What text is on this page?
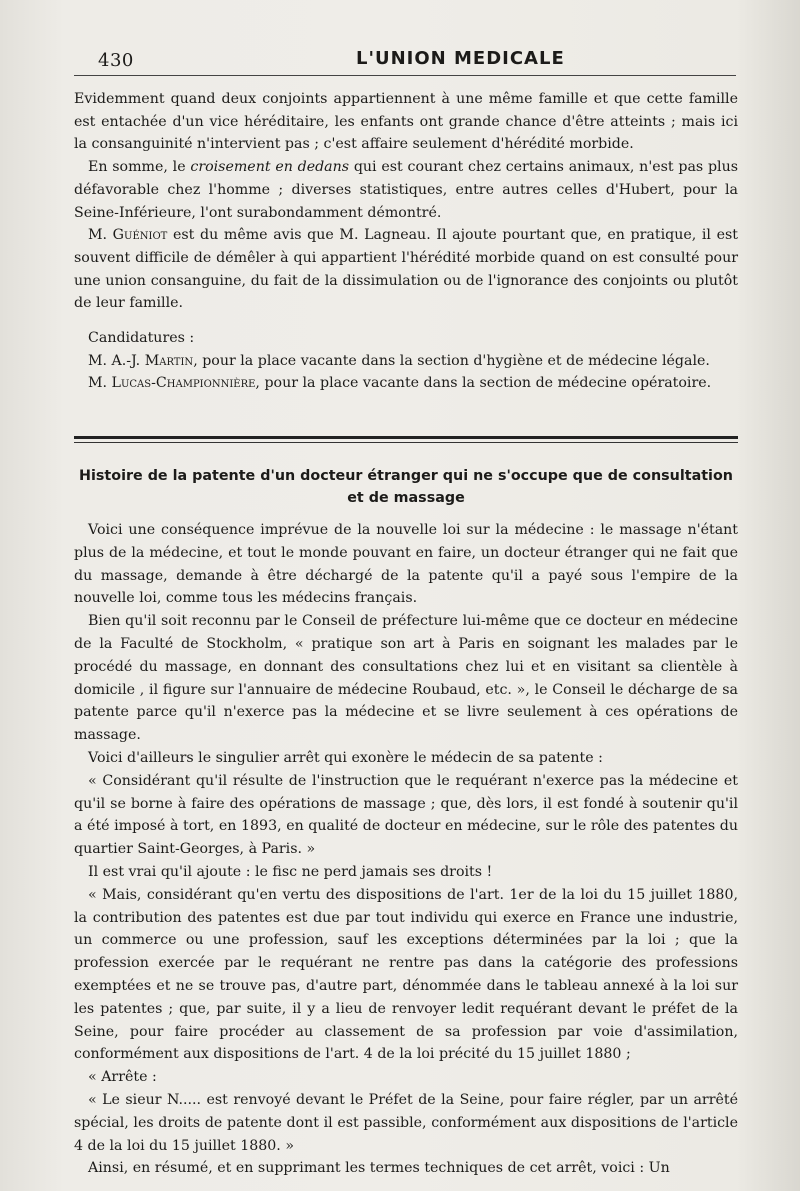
430	L'UNION MEDICALE

Evidemment quand deux conjoints appartiennent à une même famille et que cette famille est entachée d'un vice héréditaire, les enfants ont grande chance d'être atteints ; mais ici la consanguinité n'intervient pas ; c'est affaire seulement d'hérédité morbide.

En somme, le croisement en dedans qui est courant chez certains animaux, n'est pas plus défavorable chez l'homme ; diverses statistiques, entre autres celles d'Hubert, pour la Seine-Inférieure, l'ont surabondamment démontré.

M. Guéniot est du même avis que M. Lagneau. Il ajoute pourtant que, en pratique, il est souvent difficile de démêler à qui appartient l'hérédité morbide quand on est consulté pour une union consanguine, du fait de la dissimulation ou de l'ignorance des conjoints ou plutôt de leur famille.

Candidatures :

M. A.-J. Martin, pour la place vacante dans la section d'hygiène et de médecine légale.

M. Lucas-Championnière, pour la place vacante dans la section de médecine opératoire.

Histoire de la patente d'un docteur étranger qui ne s'occupe que de consultation et de massage

Voici une conséquence imprévue de la nouvelle loi sur la médecine : le massage n'étant plus de la médecine, et tout le monde pouvant en faire, un docteur étranger qui ne fait que du massage, demande à être déchargé de la patente qu'il a payé sous l'empire de la nouvelle loi, comme tous les médecins français.

Bien qu'il soit reconnu par le Conseil de préfecture lui-même que ce docteur en médecine de la Faculté de Stockholm, « pratique son art à Paris en soignant les malades par le procédé du massage, en donnant des consultations chez lui et en visitant sa clientèle à domicile , il figure sur l'annuaire de médecine Roubaud, etc. », le Conseil le décharge de sa patente parce qu'il n'exerce pas la médecine et se livre seulement à ces opérations de massage.

Voici d'ailleurs le singulier arrêt qui exonère le médecin de sa patente :

« Considérant qu'il résulte de l'instruction que le requérant n'exerce pas la médecine et qu'il se borne à faire des opérations de massage ; que, dès lors, il est fondé à soutenir qu'il a été imposé à tort, en 1893, en qualité de docteur en médecine, sur le rôle des patentes du quartier Saint-Georges, à Paris. »

Il est vrai qu'il ajoute : le fisc ne perd jamais ses droits !

« Mais, considérant qu'en vertu des dispositions de l'art. 1er de la loi du 15 juillet 1880, la contribution des patentes est due par tout individu qui exerce en France une industrie, un commerce ou une profession, sauf les exceptions déterminées par la loi ; que la profession exercée par le requérant ne rentre pas dans la catégorie des professions exemptées et ne se trouve pas, d'autre part, dénommée dans le tableau annexé à la loi sur les patentes ; que, par suite, il y a lieu de renvoyer ledit requérant devant le préfet de la Seine, pour faire procéder au classement de sa profession par voie d'assimilation, conformément aux dispositions de l'art. 4 de la loi précité du 15 juillet 1880 ;

« Arrête :

« Le sieur N..... est renvoyé devant le Préfet de la Seine, pour faire régler, par un arrêté spécial, les droits de patente dont il est passible, conformément aux dispositions de l'article 4 de la loi du 15 juillet 1880. »

Ainsi, en résumé, et en supprimant les termes techniques de cet arrêt, voici : Un
